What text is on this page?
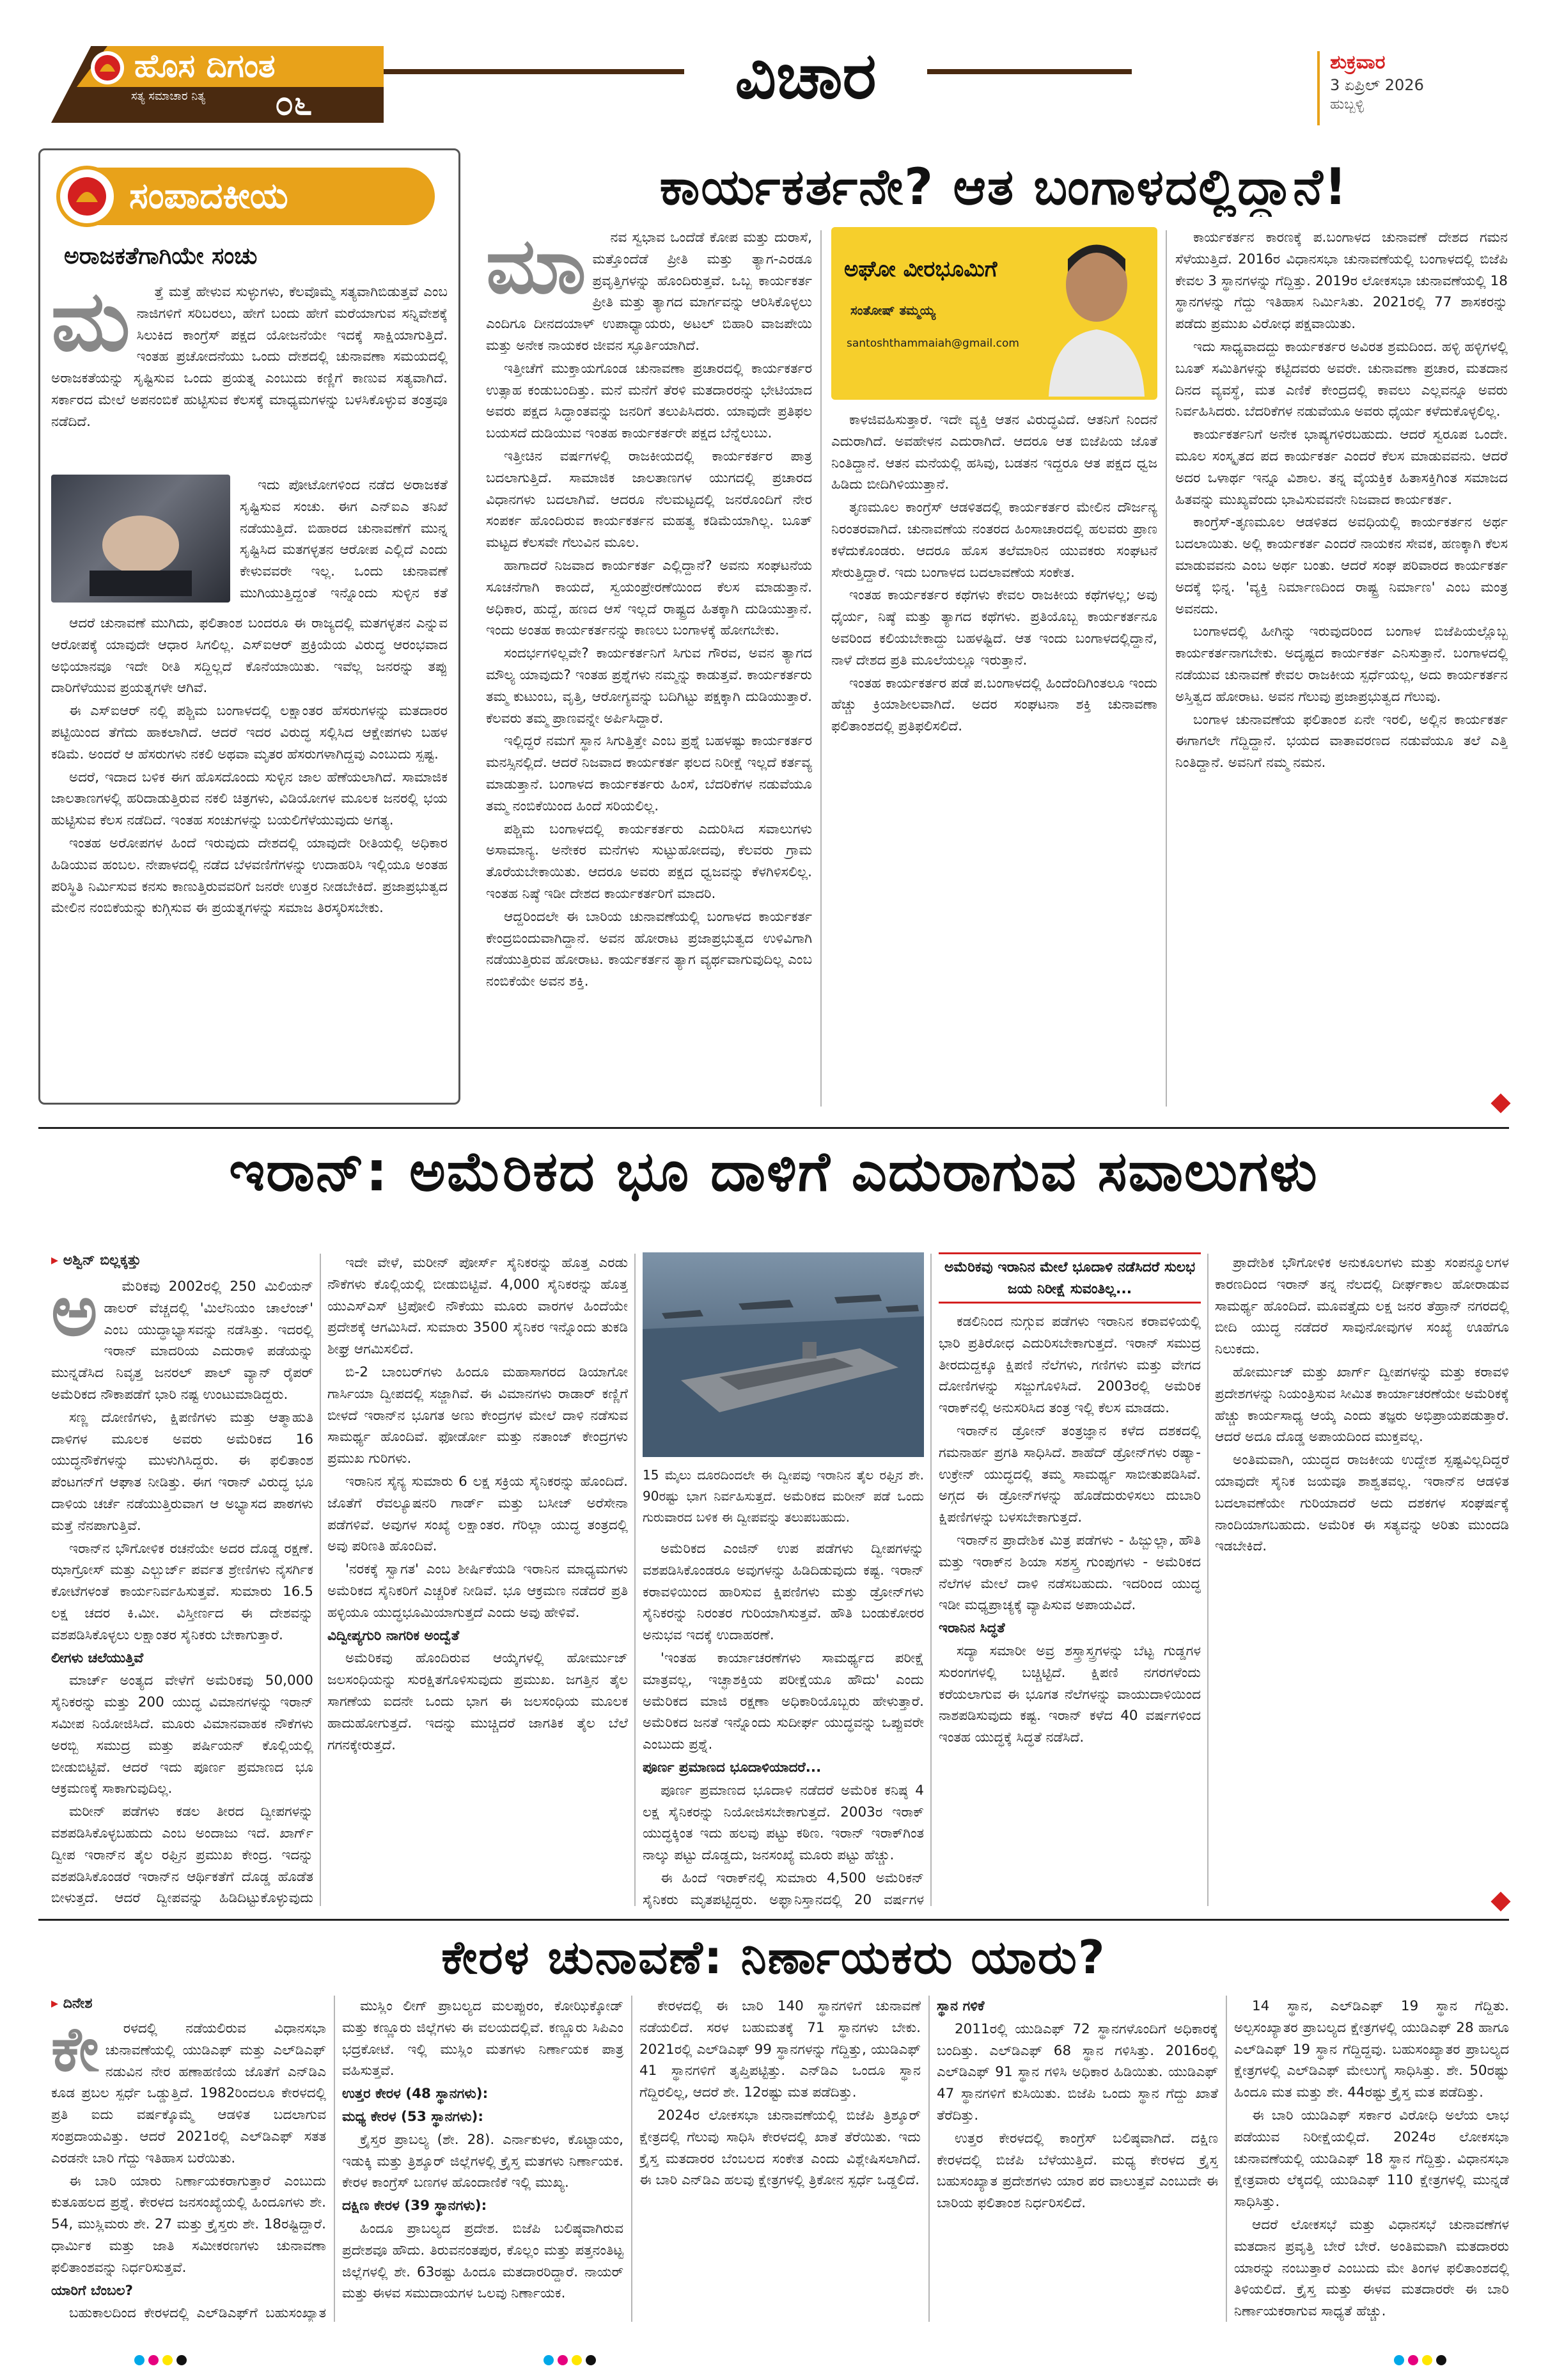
ಹೊಸ ದಿಗಂತ
ಸತ್ಯ ಸಮಾಚಾರ ನಿತ್ಯ ೦೬	ವಿಚಾರ	ಶುಕ್ರವಾರ
3 ಏಪ್ರಿಲ್ 2026
ಹುಬ್ಬಳ್ಳಿ
ಸಂಪಾದಕೀಯ
ಅರಾಜಕತೆಗಾಗಿಯೇ ಸಂಚು
ಮ	ತ್ತೆ ಮತ್ತೆ ಹೇಳುವ ಸುಳ್ಳುಗಳು, ಕೆಲವೊಮ್ಮೆ ಸತ್ಯವಾಗಿಬಿಡುತ್ತವೆ ಎಂಬ ನಾಜಿಗಳಿಗೆ ಸರಿಬರಲು, ಹೇಗೆ ಬಂದು ಹೇಗೆ ಮರೆಯಾಗುವ ಸನ್ನಿವೇಶಕ್ಕೆ ಸಿಲುಕಿದ ಕಾಂಗ್ರೆಸ್ ಪಕ್ಷದ ಯೋಜನೆಯೇ ಇದಕ್ಕೆ ಸಾಕ್ಷಿಯಾಗುತ್ತಿದೆ. ಇಂತಹ ಪ್ರಚೋದನೆಯು ಒಂದು ದೇಶದಲ್ಲಿ ಚುನಾವಣಾ ಸಮಯದಲ್ಲಿ ಅರಾಜಕತೆಯನ್ನು ಸೃಷ್ಟಿಸುವ ಒಂದು ಪ್ರಯತ್ನ ಎಂಬುದು ಕಣ್ಣಿಗೆ ಕಾಣುವ ಸತ್ಯವಾಗಿದೆ. ಸರ್ಕಾರದ ಮೇಲೆ ಅಪನಂಬಿಕೆ ಹುಟ್ಟಿಸುವ ಕೆಲಸಕ್ಕೆ ಮಾಧ್ಯಮಗಳನ್ನು ಬಳಸಿಕೊಳ್ಳುವ ತಂತ್ರವೂ ನಡೆದಿದೆ.

ಇದು ಪೋಟೋಗಳಿಂದ ನಡೆದ ಅರಾಜಕತೆ ಸೃಷ್ಟಿಸುವ ಸಂಚು. ಈಗ ಎನ್‌ಐಎ ತನಿಖೆ ನಡೆಯುತ್ತಿದೆ. ಬಿಹಾರದ ಚುನಾವಣೆಗೆ ಮುನ್ನ ಸೃಷ್ಟಿಸಿದ ಮತಗಳ್ಳತನ ಆರೋಪ ಎಲ್ಲಿದೆ ಎಂದು ಕೇಳುವವರೇ ಇಲ್ಲ. ಒಂದು ಚುನಾವಣೆ ಮುಗಿಯುತ್ತಿದ್ದಂತೆ ಇನ್ನೊಂದು ಸುಳ್ಳಿನ ಕತೆ

ಆದರೆ ಚುನಾವಣೆ ಮುಗಿದು, ಫಲಿತಾಂಶ ಬಂದರೂ ಈ ರಾಜ್ಯದಲ್ಲಿ ಮತಗಳ್ಳತನ ಎನ್ನುವ ಆರೋಪಕ್ಕೆ ಯಾವುದೇ ಆಧಾರ ಸಿಗಲಿಲ್ಲ. ಎಸ್‌ಐಆರ್ ಪ್ರಕ್ರಿಯೆಯ ವಿರುದ್ಧ ಆರಂಭವಾದ ಅಭಿಯಾನವೂ ಇದೇ ರೀತಿ ಸದ್ದಿಲ್ಲದೆ ಕೊನೆಯಾಯಿತು. ಇವೆಲ್ಲ ಜನರನ್ನು ತಪ್ಪು ದಾರಿಗೆಳೆಯುವ ಪ್ರಯತ್ನಗಳೇ ಆಗಿವೆ.

ಈ ಎಸ್‌ಐಆರ್ ನಲ್ಲಿ ಪಶ್ಚಿಮ ಬಂಗಾಳದಲ್ಲಿ ಲಕ್ಷಾಂತರ ಹೆಸರುಗಳನ್ನು ಮತದಾರರ ಪಟ್ಟಿಯಿಂದ ತೆಗೆದು ಹಾಕಲಾಗಿದೆ. ಆದರೆ ಇದರ ವಿರುದ್ಧ ಸಲ್ಲಿಸಿದ ಆಕ್ಷೇಪಗಳು ಬಹಳ ಕಡಿಮೆ. ಅಂದರೆ ಆ ಹೆಸರುಗಳು ನಕಲಿ ಅಥವಾ ಮೃತರ ಹೆಸರುಗಳಾಗಿದ್ದವು ಎಂಬುದು ಸ್ಪಷ್ಟ.

ಅದರೆ, ಇದಾದ ಬಳಿಕ ಈಗ ಹೊಸದೊಂದು ಸುಳ್ಳಿನ ಜಾಲ ಹೆಣೆಯಲಾಗಿದೆ. ಸಾಮಾಜಿಕ ಜಾಲತಾಣಗಳಲ್ಲಿ ಹರಿದಾಡುತ್ತಿರುವ ನಕಲಿ ಚಿತ್ರಗಳು, ವಿಡಿಯೋಗಳ ಮೂಲಕ ಜನರಲ್ಲಿ ಭಯ ಹುಟ್ಟಿಸುವ ಕೆಲಸ ನಡೆದಿದೆ. ಇಂತಹ ಸಂಚುಗಳನ್ನು ಬಯಲಿಗೆಳೆಯುವುದು ಅಗತ್ಯ.

ಇಂತಹ ಅರೋಪಗಳ ಹಿಂದೆ ಇರುವುದು ದೇಶದಲ್ಲಿ ಯಾವುದೇ ರೀತಿಯಲ್ಲಿ ಅಧಿಕಾರ ಹಿಡಿಯುವ ಹಂಬಲ. ನೇಪಾಳದಲ್ಲಿ ನಡೆದ ಬೆಳವಣಿಗೆಗಳನ್ನು ಉದಾಹರಿಸಿ ಇಲ್ಲಿಯೂ ಅಂತಹ ಪರಿಸ್ಥಿತಿ ನಿರ್ಮಿಸುವ ಕನಸು ಕಾಣುತ್ತಿರುವವರಿಗೆ ಜನರೇ ಉತ್ತರ ನೀಡಬೇಕಿದೆ. ಪ್ರಜಾಪ್ರಭುತ್ವದ ಮೇಲಿನ ನಂಬಿಕೆಯನ್ನು ಕುಗ್ಗಿಸುವ ಈ ಪ್ರಯತ್ನಗಳನ್ನು ಸಮಾಜ ತಿರಸ್ಕರಿಸಬೇಕು.

ಕಾರ್ಯಕರ್ತನೇ? ಆತ ಬಂಗಾಳದಲ್ಲಿದ್ದಾನೆ!
ಮಾ	ನವ ಸ್ವಭಾವ ಒಂದೆಡೆ ಕೋಪ ಮತ್ತು ದುರಾಸೆ, ಮತ್ತೊಂದೆಡೆ ಪ್ರೀತಿ ಮತ್ತು ತ್ಯಾಗ-ಎರಡೂ ಪ್ರವೃತ್ತಿಗಳನ್ನು ಹೊಂದಿರುತ್ತವೆ. ಒಬ್ಬ ಕಾರ್ಯಕರ್ತ ಪ್ರೀತಿ ಮತ್ತು ತ್ಯಾಗದ ಮಾರ್ಗವನ್ನು ಆರಿಸಿಕೊಳ್ಳಲು ಎಂದಿಗೂ ದೀನದಯಾಳ್ ಉಪಾಧ್ಯಾಯರು, ಅಟಲ್ ಬಿಹಾರಿ ವಾಜಪೇಯಿ ಮತ್ತು ಅನೇಕ ನಾಯಕರ ಜೀವನ ಸ್ಫೂರ್ತಿಯಾಗಿದೆ.

ಇತ್ತೀಚೆಗೆ ಮುಕ್ತಾಯಗೊಂಡ ಚುನಾವಣಾ ಪ್ರಚಾರದಲ್ಲಿ ಕಾರ್ಯಕರ್ತರ ಉತ್ಸಾಹ ಕಂಡುಬಂದಿತ್ತು. ಮನೆ ಮನೆಗೆ ತೆರಳಿ ಮತದಾರರನ್ನು ಭೇಟಿಯಾದ ಅವರು ಪಕ್ಷದ ಸಿದ್ಧಾಂತವನ್ನು ಜನರಿಗೆ ತಲುಪಿಸಿದರು. ಯಾವುದೇ ಪ್ರತಿಫಲ ಬಯಸದೆ ದುಡಿಯುವ ಇಂತಹ ಕಾರ್ಯಕರ್ತರೇ ಪಕ್ಷದ ಬೆನ್ನೆಲುಬು.

ಇತ್ತೀಚಿನ ವರ್ಷಗಳಲ್ಲಿ ರಾಜಕೀಯದಲ್ಲಿ ಕಾರ್ಯಕರ್ತರ ಪಾತ್ರ ಬದಲಾಗುತ್ತಿದೆ. ಸಾಮಾಜಿಕ ಜಾಲತಾಣಗಳ ಯುಗದಲ್ಲಿ ಪ್ರಚಾರದ ವಿಧಾನಗಳು ಬದಲಾಗಿವೆ. ಆದರೂ ನೆಲಮಟ್ಟದಲ್ಲಿ ಜನರೊಂದಿಗೆ ನೇರ ಸಂಪರ್ಕ ಹೊಂದಿರುವ ಕಾರ್ಯಕರ್ತನ ಮಹತ್ವ ಕಡಿಮೆಯಾಗಿಲ್ಲ. ಬೂತ್ ಮಟ್ಟದ ಕೆಲಸವೇ ಗೆಲುವಿನ ಮೂಲ.

ಹಾಗಾದರೆ ನಿಜವಾದ ಕಾರ್ಯಕರ್ತ ಎಲ್ಲಿದ್ದಾನೆ? ಅವನು ಸಂಘಟನೆಯ ಸೂಚನೆಗಾಗಿ ಕಾಯದೆ, ಸ್ವಯಂಪ್ರೇರಣೆಯಿಂದ ಕೆಲಸ ಮಾಡುತ್ತಾನೆ. ಅಧಿಕಾರ, ಹುದ್ದೆ, ಹಣದ ಆಸೆ ಇಲ್ಲದೆ ರಾಷ್ಟ್ರದ ಹಿತಕ್ಕಾಗಿ ದುಡಿಯುತ್ತಾನೆ. ಇಂದು ಅಂತಹ ಕಾರ್ಯಕರ್ತನನ್ನು ಕಾಣಲು ಬಂಗಾಳಕ್ಕೆ ಹೋಗಬೇಕು.

ಸಂದರ್ಭಗಳಿಲ್ಲವೇ? ಕಾರ್ಯಕರ್ತನಿಗೆ ಸಿಗುವ ಗೌರವ, ಅವನ ತ್ಯಾಗದ ಮೌಲ್ಯ ಯಾವುದು? ಇಂತಹ ಪ್ರಶ್ನೆಗಳು ನಮ್ಮನ್ನು ಕಾಡುತ್ತವೆ. ಕಾರ್ಯಕರ್ತರು ತಮ್ಮ ಕುಟುಂಬ, ವೃತ್ತಿ, ಆರೋಗ್ಯವನ್ನು ಬದಿಗಿಟ್ಟು ಪಕ್ಷಕ್ಕಾಗಿ ದುಡಿಯುತ್ತಾರೆ. ಕೆಲವರು ತಮ್ಮ ಪ್ರಾಣವನ್ನೇ ಅರ್ಪಿಸಿದ್ದಾರೆ.

ಇಲ್ಲಿದ್ದರೆ ನಮಗೆ ಸ್ಥಾನ ಸಿಗುತ್ತಿತ್ತೇ ಎಂಬ ಪ್ರಶ್ನೆ ಬಹಳಷ್ಟು ಕಾರ್ಯಕರ್ತರ ಮನಸ್ಸಿನಲ್ಲಿದೆ. ಆದರೆ ನಿಜವಾದ ಕಾರ್ಯಕರ್ತ ಫಲದ ನಿರೀಕ್ಷೆ ಇಲ್ಲದೆ ಕರ್ತವ್ಯ ಮಾಡುತ್ತಾನೆ. ಬಂಗಾಳದ ಕಾರ್ಯಕರ್ತರು ಹಿಂಸೆ, ಬೆದರಿಕೆಗಳ ನಡುವೆಯೂ ತಮ್ಮ ನಂಬಿಕೆಯಿಂದ ಹಿಂದೆ ಸರಿಯಲಿಲ್ಲ.

ಪಶ್ಚಿಮ ಬಂಗಾಳದಲ್ಲಿ ಕಾರ್ಯಕರ್ತರು ಎದುರಿಸಿದ ಸವಾಲುಗಳು ಅಸಾಮಾನ್ಯ. ಅನೇಕರ ಮನೆಗಳು ಸುಟ್ಟುಹೋದವು, ಕೆಲವರು ಗ್ರಾಮ ತೊರೆಯಬೇಕಾಯಿತು. ಆದರೂ ಅವರು ಪಕ್ಷದ ಧ್ವಜವನ್ನು ಕೆಳಗಿಳಿಸಲಿಲ್ಲ. ಇಂತಹ ನಿಷ್ಠೆ ಇಡೀ ದೇಶದ ಕಾರ್ಯಕರ್ತರಿಗೆ ಮಾದರಿ.

ಆದ್ದರಿಂದಲೇ ಈ ಬಾರಿಯ ಚುನಾವಣೆಯಲ್ಲಿ ಬಂಗಾಳದ ಕಾರ್ಯಕರ್ತ ಕೇಂದ್ರಬಿಂದುವಾಗಿದ್ದಾನೆ. ಅವನ ಹೋರಾಟ ಪ್ರಜಾಪ್ರಭುತ್ವದ ಉಳಿವಿಗಾಗಿ ನಡೆಯುತ್ತಿರುವ ಹೋರಾಟ. ಕಾರ್ಯಕರ್ತನ ತ್ಯಾಗ ವ್ಯರ್ಥವಾಗುವುದಿಲ್ಲ ಎಂಬ ನಂಬಿಕೆಯೇ ಅವನ ಶಕ್ತಿ.

ಅಘೋ ವೀರಭೂಮಿಗೆ
ಸಂತೋಷ್ ತಮ್ಮಯ್ಯ
santoshthammaiah@gmail.com

ಕಾಳಜಿವಹಿಸುತ್ತಾರೆ. ಇದೇ ವ್ಯಕ್ತಿ ಆತನ ವಿರುದ್ಧವಿದೆ. ಆತನಿಗೆ ನಿಂದನೆ ಎದುರಾಗಿದೆ. ಅವಹೇಳನ ಎದುರಾಗಿದೆ. ಆದರೂ ಆತ ಬಿಜೆಪಿಯ ಜೊತೆ ನಿಂತಿದ್ದಾನೆ. ಆತನ ಮನೆಯಲ್ಲಿ ಹಸಿವು, ಬಡತನ ಇದ್ದರೂ ಆತ ಪಕ್ಷದ ಧ್ವಜ ಹಿಡಿದು ಬೀದಿಗಿಳಿಯುತ್ತಾನೆ.

ತೃಣಮೂಲ ಕಾಂಗ್ರೆಸ್ ಆಡಳಿತದಲ್ಲಿ ಕಾರ್ಯಕರ್ತರ ಮೇಲಿನ ದೌರ್ಜನ್ಯ ನಿರಂತರವಾಗಿದೆ. ಚುನಾವಣೆಯ ನಂತರದ ಹಿಂಸಾಚಾರದಲ್ಲಿ ಹಲವರು ಪ್ರಾಣ ಕಳೆದುಕೊಂಡರು. ಆದರೂ ಹೊಸ ತಲೆಮಾರಿನ ಯುವಕರು ಸಂಘಟನೆ ಸೇರುತ್ತಿದ್ದಾರೆ. ಇದು ಬಂಗಾಳದ ಬದಲಾವಣೆಯ ಸಂಕೇತ.

ಇಂತಹ ಕಾರ್ಯಕರ್ತರ ಕಥೆಗಳು ಕೇವಲ ರಾಜಕೀಯ ಕಥೆಗಳಲ್ಲ; ಅವು ಧೈರ್ಯ, ನಿಷ್ಠೆ ಮತ್ತು ತ್ಯಾಗದ ಕಥೆಗಳು. ಪ್ರತಿಯೊಬ್ಬ ಕಾರ್ಯಕರ್ತನೂ ಅವರಿಂದ ಕಲಿಯಬೇಕಾದ್ದು ಬಹಳಷ್ಟಿದೆ. ಆತ ಇಂದು ಬಂಗಾಳದಲ್ಲಿದ್ದಾನೆ, ನಾಳೆ ದೇಶದ ಪ್ರತಿ ಮೂಲೆಯಲ್ಲೂ ಇರುತ್ತಾನೆ.

ಇಂತಹ ಕಾರ್ಯಕರ್ತರ ಪಡೆ ಪ.ಬಂಗಾಳದಲ್ಲಿ ಹಿಂದೆಂದಿಗಿಂತಲೂ ಇಂದು ಹೆಚ್ಚು ಕ್ರಿಯಾಶೀಲವಾಗಿದೆ. ಅದರ ಸಂಘಟನಾ ಶಕ್ತಿ ಚುನಾವಣಾ ಫಲಿತಾಂಶದಲ್ಲಿ ಪ್ರತಿಫಲಿಸಲಿದೆ.

ಕಾರ್ಯಕರ್ತನ ಕಾರಣಕ್ಕೆ ಪ.ಬಂಗಾಳದ ಚುನಾವಣೆ ದೇಶದ ಗಮನ ಸೆಳೆಯುತ್ತಿದೆ. 2016ರ ವಿಧಾನಸಭಾ ಚುನಾವಣೆಯಲ್ಲಿ ಬಂಗಾಳದಲ್ಲಿ ಬಿಜೆಪಿ ಕೇವಲ 3 ಸ್ಥಾನಗಳನ್ನು ಗೆದ್ದಿತ್ತು. 2019ರ ಲೋಕಸಭಾ ಚುನಾವಣೆಯಲ್ಲಿ 18 ಸ್ಥಾನಗಳನ್ನು ಗೆದ್ದು ಇತಿಹಾಸ ನಿರ್ಮಿಸಿತು. 2021ರಲ್ಲಿ 77 ಶಾಸಕರನ್ನು ಪಡೆದು ಪ್ರಮುಖ ವಿರೋಧ ಪಕ್ಷವಾಯಿತು.

ಇದು ಸಾಧ್ಯವಾದದ್ದು ಕಾರ್ಯಕರ್ತರ ಅವಿರತ ಶ್ರಮದಿಂದ. ಹಳ್ಳಿ ಹಳ್ಳಿಗಳಲ್ಲಿ ಬೂತ್ ಸಮಿತಿಗಳನ್ನು ಕಟ್ಟಿದವರು ಅವರೇ. ಚುನಾವಣಾ ಪ್ರಚಾರ, ಮತದಾನ ದಿನದ ವ್ಯವಸ್ಥೆ, ಮತ ಎಣಿಕೆ ಕೇಂದ್ರದಲ್ಲಿ ಕಾವಲು ಎಲ್ಲವನ್ನೂ ಅವರು ನಿರ್ವಹಿಸಿದರು. ಬೆದರಿಕೆಗಳ ನಡುವೆಯೂ ಅವರು ಧೈರ್ಯ ಕಳೆದುಕೊಳ್ಳಲಿಲ್ಲ.

ಕಾರ್ಯಕರ್ತನಿಗೆ ಅನೇಕ ಭಾಷ್ಯಗಳಿರಬಹುದು. ಆದರೆ ಸ್ವರೂಪ ಒಂದೇ. ಮೂಲ ಸಂಸ್ಕೃತದ ಪದ ಕಾರ್ಯಕರ್ತ ಎಂದರೆ ಕೆಲಸ ಮಾಡುವವನು. ಆದರೆ ಅದರ ಒಳಾರ್ಥ ಇನ್ನೂ ವಿಶಾಲ. ತನ್ನ ವೈಯಕ್ತಿಕ ಹಿತಾಸಕ್ತಿಗಿಂತ ಸಮಾಜದ ಹಿತವನ್ನು ಮುಖ್ಯವೆಂದು ಭಾವಿಸುವವನೇ ನಿಜವಾದ ಕಾರ್ಯಕರ್ತ.

ಕಾಂಗ್ರೆಸ್-ತೃಣಮೂಲ ಆಡಳಿತದ ಅವಧಿಯಲ್ಲಿ ಕಾರ್ಯಕರ್ತನ ಅರ್ಥ ಬದಲಾಯಿತು. ಅಲ್ಲಿ ಕಾರ್ಯಕರ್ತ ಎಂದರೆ ನಾಯಕನ ಸೇವಕ, ಹಣಕ್ಕಾಗಿ ಕೆಲಸ ಮಾಡುವವನು ಎಂಬ ಅರ್ಥ ಬಂತು. ಆದರೆ ಸಂಘ ಪರಿವಾರದ ಕಾರ್ಯಕರ್ತ ಅದಕ್ಕೆ ಭಿನ್ನ. 'ವ್ಯಕ್ತಿ ನಿರ್ಮಾಣದಿಂದ ರಾಷ್ಟ್ರ ನಿರ್ಮಾಣ' ಎಂಬ ಮಂತ್ರ ಅವನದು.

ಬಂಗಾಳದಲ್ಲಿ ಹೀಗಿನ್ನು ಇರುವುದರಿಂದ ಬಂಗಾಳ ಬಿಜೆಪಿಯಲ್ಲೊಬ್ಬ ಕಾರ್ಯಕರ್ತನಾಗಬೇಕು. ಅದೃಷ್ಟದ ಕಾರ್ಯಕರ್ತ ಎನಿಸುತ್ತಾನೆ. ಬಂಗಾಳದಲ್ಲಿ ನಡೆಯುವ ಚುನಾವಣೆ ಕೇವಲ ರಾಜಕೀಯ ಸ್ಪರ್ಧೆಯಲ್ಲ, ಅದು ಕಾರ್ಯಕರ್ತನ ಅಸ್ತಿತ್ವದ ಹೋರಾಟ. ಅವನ ಗೆಲುವು ಪ್ರಜಾಪ್ರಭುತ್ವದ ಗೆಲುವು.

ಬಂಗಾಳ ಚುನಾವಣೆಯ ಫಲಿತಾಂಶ ಏನೇ ಇರಲಿ, ಅಲ್ಲಿನ ಕಾರ್ಯಕರ್ತ ಈಗಾಗಲೇ ಗೆದ್ದಿದ್ದಾನೆ. ಭಯದ ವಾತಾವರಣದ ನಡುವೆಯೂ ತಲೆ ಎತ್ತಿ ನಿಂತಿದ್ದಾನೆ. ಅವನಿಗೆ ನಮ್ಮ ನಮನ.

ಇರಾನ್: ಅಮೆರಿಕದ ಭೂ ದಾಳಿಗೆ ಎದುರಾಗುವ ಸವಾಲುಗಳು
▸ ಅಶ್ವಿನ್ ಬಿಲ್ಲಕ್ಕತ್ತು
ಅ	ಮೆರಿಕವು 2002ರಲ್ಲಿ 250 ಮಿಲಿಯನ್ ಡಾಲರ್ ವೆಚ್ಚದಲ್ಲಿ 'ಮಿಲೆನಿಯಂ ಚಾಲೆಂಜ್' ಎಂಬ ಯುದ್ಧಾಭ್ಯಾಸವನ್ನು ನಡೆಸಿತ್ತು. ಇದರಲ್ಲಿ ಇರಾನ್ ಮಾದರಿಯ ಎದುರಾಳಿ ಪಡೆಯನ್ನು ಮುನ್ನಡೆಸಿದ ನಿವೃತ್ತ ಜನರಲ್ ಪಾಲ್ ವ್ಯಾನ್ ರೈಪರ್ ಅಮೆರಿಕದ ನೌಕಾಪಡೆಗೆ ಭಾರಿ ನಷ್ಟ ಉಂಟುಮಾಡಿದ್ದರು.

ಸಣ್ಣ ದೋಣಿಗಳು, ಕ್ಷಿಪಣಿಗಳು ಮತ್ತು ಆತ್ಮಾಹುತಿ ದಾಳಿಗಳ ಮೂಲಕ ಅವರು ಅಮೆರಿಕದ 16 ಯುದ್ಧನೌಕೆಗಳನ್ನು ಮುಳುಗಿಸಿದ್ದರು. ಈ ಫಲಿತಾಂಶ ಪೆಂಟಗನ್‌ಗೆ ಆಘಾತ ನೀಡಿತ್ತು. ಈಗ ಇರಾನ್ ವಿರುದ್ಧ ಭೂ ದಾಳಿಯ ಚರ್ಚೆ ನಡೆಯುತ್ತಿರುವಾಗ ಆ ಅಭ್ಯಾಸದ ಪಾಠಗಳು ಮತ್ತೆ ನೆನಪಾಗುತ್ತಿವೆ.

ಇರಾನ್‌ನ ಭೌಗೋಳಿಕ ರಚನೆಯೇ ಅದರ ದೊಡ್ಡ ರಕ್ಷಣೆ. ಝಾಗ್ರೋಸ್ ಮತ್ತು ಎಲ್ಬುರ್ಜ್ ಪರ್ವತ ಶ್ರೇಣಿಗಳು ನೈಸರ್ಗಿಕ ಕೋಟೆಗಳಂತೆ ಕಾರ್ಯನಿರ್ವಹಿಸುತ್ತವೆ. ಸುಮಾರು 16.5 ಲಕ್ಷ ಚದರ ಕಿ.ಮೀ. ವಿಸ್ತೀರ್ಣದ ಈ ದೇಶವನ್ನು ವಶಪಡಿಸಿಕೊಳ್ಳಲು ಲಕ್ಷಾಂತರ ಸೈನಿಕರು ಬೇಕಾಗುತ್ತಾರೆ.

ಲೀಗಳು ಚಲೆಯುತ್ತಿವೆ

ಮಾರ್ಚ್ ಅಂತ್ಯದ ವೇಳೆಗೆ ಅಮೆರಿಕವು 50,000 ಸೈನಿಕರನ್ನು ಮತ್ತು 200 ಯುದ್ಧ ವಿಮಾನಗಳನ್ನು ಇರಾನ್ ಸಮೀಪ ನಿಯೋಜಿಸಿದೆ. ಮೂರು ವಿಮಾನವಾಹಕ ನೌಕೆಗಳು ಅರಬ್ಬಿ ಸಮುದ್ರ ಮತ್ತು ಪರ್ಷಿಯನ್ ಕೊಲ್ಲಿಯಲ್ಲಿ ಬೀಡುಬಿಟ್ಟಿವೆ. ಆದರೆ ಇದು ಪೂರ್ಣ ಪ್ರಮಾಣದ ಭೂ ಆಕ್ರಮಣಕ್ಕೆ ಸಾಕಾಗುವುದಿಲ್ಲ.

ಮರೀನ್ ಪಡೆಗಳು ಕಡಲ ತೀರದ ದ್ವೀಪಗಳನ್ನು ವಶಪಡಿಸಿಕೊಳ್ಳಬಹುದು ಎಂಬ ಅಂದಾಜು ಇದೆ. ಖಾರ್ಗ್ ದ್ವೀಪ ಇರಾನ್‌ನ ತೈಲ ರಫ್ತಿನ ಪ್ರಮುಖ ಕೇಂದ್ರ. ಇದನ್ನು ವಶಪಡಿಸಿಕೊಂಡರೆ ಇರಾನ್‌ನ ಆರ್ಥಿಕತೆಗೆ ದೊಡ್ಡ ಹೊಡೆತ ಬೀಳುತ್ತದೆ. ಆದರೆ ದ್ವೀಪವನ್ನು ಹಿಡಿದಿಟ್ಟುಕೊಳ್ಳುವುದು

ಇದೇ ವೇಳೆ, ಮರೀನ್ ಪೋರ್ಸ್ ಸೈನಿಕರನ್ನು ಹೊತ್ತ ಎರಡು ನೌಕೆಗಳು ಕೊಲ್ಲಿಯಲ್ಲಿ ಬೀಡುಬಿಟ್ಟಿವೆ. 4,000 ಸೈನಿಕರನ್ನು ಹೊತ್ತ ಯುಎಸ್ಎಸ್ ಟ್ರಿಪೋಲಿ ನೌಕೆಯು ಮೂರು ವಾರಗಳ ಹಿಂದೆಯೇ ಪ್ರದೇಶಕ್ಕೆ ಆಗಮಿಸಿದೆ. ಸುಮಾರು 3500 ಸೈನಿಕರ ಇನ್ನೊಂದು ತುಕಡಿ ಶೀಘ್ರ ಆಗಮಿಸಲಿದೆ.

ಬಿ-2 ಬಾಂಬರ್‌ಗಳು ಹಿಂದೂ ಮಹಾಸಾಗರದ ಡಿಯಾಗೋ ಗಾರ್ಸಿಯಾ ದ್ವೀಪದಲ್ಲಿ ಸಜ್ಜಾಗಿವೆ. ಈ ವಿಮಾನಗಳು ರಾಡಾರ್ ಕಣ್ಣಿಗೆ ಬೀಳದೆ ಇರಾನ್‌ನ ಭೂಗತ ಅಣು ಕೇಂದ್ರಗಳ ಮೇಲೆ ದಾಳಿ ನಡೆಸುವ ಸಾಮರ್ಥ್ಯ ಹೊಂದಿವೆ. ಫೋರ್ಡೋ ಮತ್ತು ನತಾಂಜ್ ಕೇಂದ್ರಗಳು ಪ್ರಮುಖ ಗುರಿಗಳು.

ಇರಾನಿನ ಸೈನ್ಯ ಸುಮಾರು 6 ಲಕ್ಷ ಸಕ್ರಿಯ ಸೈನಿಕರನ್ನು ಹೊಂದಿದೆ. ಜೊತೆಗೆ ರೆವಲ್ಯೂಷನರಿ ಗಾರ್ಡ್ ಮತ್ತು ಬಸೀಜ್ ಅರೆಸೇನಾ ಪಡೆಗಳಿವೆ. ಅವುಗಳ ಸಂಖ್ಯೆ ಲಕ್ಷಾಂತರ. ಗೆರಿಲ್ಲಾ ಯುದ್ಧ ತಂತ್ರದಲ್ಲಿ ಅವು ಪರಿಣತಿ ಹೊಂದಿವೆ.

'ನರಕಕ್ಕೆ ಸ್ವಾಗತ' ಎಂಬ ಶೀರ್ಷಿಕೆಯಡಿ ಇರಾನಿನ ಮಾಧ್ಯಮಗಳು ಅಮೆರಿಕದ ಸೈನಿಕರಿಗೆ ಎಚ್ಚರಿಕೆ ನೀಡಿವೆ. ಭೂ ಆಕ್ರಮಣ ನಡೆದರೆ ಪ್ರತಿ ಹಳ್ಳಿಯೂ ಯುದ್ಧಭೂಮಿಯಾಗುತ್ತದೆ ಎಂದು ಅವು ಹೇಳಿವೆ.

ವಿದ್ವೀಪ್ಯಗುರಿ ನಾಗರಿಕ ಅಂದ್ವೆತೆ

ಅಮೆರಿಕವು ಹೊಂದಿರುವ ಆಯ್ಕೆಗಳಲ್ಲಿ ಹೋರ್ಮುಜ್ ಜಲಸಂಧಿಯನ್ನು ಸುರಕ್ಷಿತಗೊಳಿಸುವುದು ಪ್ರಮುಖ. ಜಗತ್ತಿನ ತೈಲ ಸಾಗಣೆಯ ಐದನೇ ಒಂದು ಭಾಗ ಈ ಜಲಸಂಧಿಯ ಮೂಲಕ ಹಾದುಹೋಗುತ್ತದೆ. ಇದನ್ನು ಮುಚ್ಚಿದರೆ ಜಾಗತಿಕ ತೈಲ ಬೆಲೆ ಗಗನಕ್ಕೇರುತ್ತದೆ.

15 ಮೈಲು ದೂರದಿಂದಲೇ ಈ ದ್ವೀಪವು ಇರಾನಿನ ತೈಲ ರಫ್ತಿನ ಶೇ. 90ರಷ್ಟು ಭಾಗ ನಿರ್ವಹಿಸುತ್ತದೆ. ಅಮೆರಿಕದ ಮರೀನ್ ಪಡೆ ಒಂದು ಗುರುವಾರದ ಬಳಿಕ ಈ ದ್ವೀಪವನ್ನು ತಲುಪಬಹುದು.

ಅಮೆರಿಕದ ಎಂಜಿನ್ ಉಪ ಪಡೆಗಳು ದ್ವೀಪಗಳನ್ನು ವಶಪಡಿಸಿಕೊಂಡರೂ ಅವುಗಳನ್ನು ಹಿಡಿದಿಡುವುದು ಕಷ್ಟ. ಇರಾನ್ ಕರಾವಳಿಯಿಂದ ಹಾರಿಸುವ ಕ್ಷಿಪಣಿಗಳು ಮತ್ತು ಡ್ರೋನ್‌ಗಳು ಸೈನಿಕರನ್ನು ನಿರಂತರ ಗುರಿಯಾಗಿಸುತ್ತವೆ. ಹೌತಿ ಬಂಡುಕೋರರ ಅನುಭವ ಇದಕ್ಕೆ ಉದಾಹರಣೆ.

'ಇಂತಹ ಕಾರ್ಯಾಚರಣೆಗಳು ಸಾಮರ್ಥ್ಯದ ಪರೀಕ್ಷೆ ಮಾತ್ರವಲ್ಲ, ಇಚ್ಛಾಶಕ್ತಿಯ ಪರೀಕ್ಷೆಯೂ ಹೌದು' ಎಂದು ಅಮೆರಿಕದ ಮಾಜಿ ರಕ್ಷಣಾ ಅಧಿಕಾರಿಯೊಬ್ಬರು ಹೇಳುತ್ತಾರೆ. ಅಮೆರಿಕದ ಜನತೆ ಇನ್ನೊಂದು ಸುದೀರ್ಘ ಯುದ್ಧವನ್ನು ಒಪ್ಪುವರೇ ಎಂಬುದು ಪ್ರಶ್ನೆ.

ಪೂರ್ಣ ಪ್ರಮಾಣದ ಭೂದಾಳಿಯಾದರೆ...

ಪೂರ್ಣ ಪ್ರಮಾಣದ ಭೂದಾಳಿ ನಡೆದರೆ ಅಮೆರಿಕ ಕನಿಷ್ಠ 4 ಲಕ್ಷ ಸೈನಿಕರನ್ನು ನಿಯೋಜಿಸಬೇಕಾಗುತ್ತದೆ. 2003ರ ಇರಾಕ್ ಯುದ್ಧಕ್ಕಿಂತ ಇದು ಹಲವು ಪಟ್ಟು ಕಠಿಣ. ಇರಾನ್ ಇರಾಕ್‌ಗಿಂತ ನಾಲ್ಕು ಪಟ್ಟು ದೊಡ್ಡದು, ಜನಸಂಖ್ಯೆ ಮೂರು ಪಟ್ಟು ಹೆಚ್ಚು.

ಈ ಹಿಂದೆ ಇರಾಕ್‌ನಲ್ಲಿ ಸುಮಾರು 4,500 ಅಮೆರಿಕನ್ ಸೈನಿಕರು ಮೃತಪಟ್ಟಿದ್ದರು. ಅಫ್ಘಾನಿಸ್ತಾನದಲ್ಲಿ 20 ವರ್ಷಗಳ

ಅಮೆರಿಕವು ಇರಾನಿನ ಮೇಲೆ ಭೂದಾಳಿ ನಡೆಸಿದರೆ ಸುಲಭ ಜಯ ನಿರೀಕ್ಷೆ ಸುವಂತಿಲ್ಲ...

ಕಡಲಿನಿಂದ ನುಗ್ಗುವ ಪಡೆಗಳು ಇರಾನಿನ ಕರಾವಳಿಯಲ್ಲಿ ಭಾರಿ ಪ್ರತಿರೋಧ ಎದುರಿಸಬೇಕಾಗುತ್ತದೆ. ಇರಾನ್ ಸಮುದ್ರ ತೀರದುದ್ದಕ್ಕೂ ಕ್ಷಿಪಣಿ ನೆಲೆಗಳು, ಗಣಿಗಳು ಮತ್ತು ವೇಗದ ದೋಣಿಗಳನ್ನು ಸಜ್ಜುಗೊಳಿಸಿದೆ. 2003ರಲ್ಲಿ ಅಮೆರಿಕ ಇರಾಕ್‌ನಲ್ಲಿ ಅನುಸರಿಸಿದ ತಂತ್ರ ಇಲ್ಲಿ ಕೆಲಸ ಮಾಡದು.

ಇರಾನ್‌ನ ಡ್ರೋನ್ ತಂತ್ರಜ್ಞಾನ ಕಳೆದ ದಶಕದಲ್ಲಿ ಗಮನಾರ್ಹ ಪ್ರಗತಿ ಸಾಧಿಸಿದೆ. ಶಾಹೆದ್ ಡ್ರೋನ್‌ಗಳು ರಷ್ಯಾ-ಉಕ್ರೇನ್ ಯುದ್ಧದಲ್ಲಿ ತಮ್ಮ ಸಾಮರ್ಥ್ಯ ಸಾಬೀತುಪಡಿಸಿವೆ. ಅಗ್ಗದ ಈ ಡ್ರೋನ್‌ಗಳನ್ನು ಹೊಡೆದುರುಳಿಸಲು ದುಬಾರಿ ಕ್ಷಿಪಣಿಗಳನ್ನು ಬಳಸಬೇಕಾಗುತ್ತದೆ.

ಇರಾನ್‌ನ ಪ್ರಾದೇಶಿಕ ಮಿತ್ರ ಪಡೆಗಳು - ಹಿಜ್ಬುಲ್ಲಾ, ಹೌತಿ ಮತ್ತು ಇರಾಕ್‌ನ ಶಿಯಾ ಸಶಸ್ತ್ರ ಗುಂಪುಗಳು - ಅಮೆರಿಕದ ನೆಲೆಗಳ ಮೇಲೆ ದಾಳಿ ನಡೆಸಬಹುದು. ಇದರಿಂದ ಯುದ್ಧ ಇಡೀ ಮಧ್ಯಪ್ರಾಚ್ಯಕ್ಕೆ ವ್ಯಾಪಿಸುವ ಅಪಾಯವಿದೆ.

ಇರಾನಿನ ಸಿದ್ಧತೆ

ಸದ್ಯಾ ಸಮಾರೀ ಅವ್ರ ಶಸ್ತ್ರಾಸ್ತ್ರಗಳನ್ನು ಬೆಟ್ಟ ಗುಡ್ಡಗಳ ಸುರಂಗಗಳಲ್ಲಿ ಬಚ್ಚಿಟ್ಟಿದೆ. ಕ್ಷಿಪಣಿ ನಗರಗಳೆಂದು ಕರೆಯಲಾಗುವ ಈ ಭೂಗತ ನೆಲೆಗಳನ್ನು ವಾಯುದಾಳಿಯಿಂದ ನಾಶಪಡಿಸುವುದು ಕಷ್ಟ. ಇರಾನ್ ಕಳೆದ 40 ವರ್ಷಗಳಿಂದ ಇಂತಹ ಯುದ್ಧಕ್ಕೆ ಸಿದ್ಧತೆ ನಡೆಸಿದೆ.

ಪ್ರಾದೇಶಿಕ ಭೌಗೋಳಿಕ ಅನುಕೂಲಗಳು ಮತ್ತು ಸಂಪನ್ಮೂಲಗಳ ಕಾರಣದಿಂದ ಇರಾನ್ ತನ್ನ ನೆಲದಲ್ಲಿ ದೀರ್ಘಕಾಲ ಹೋರಾಡುವ ಸಾಮರ್ಥ್ಯ ಹೊಂದಿದೆ. ಮೂವತ್ತೈದು ಲಕ್ಷ ಜನರ ತೆಹ್ರಾನ್ ನಗರದಲ್ಲಿ ಬೀದಿ ಯುದ್ಧ ನಡೆದರೆ ಸಾವುನೋವುಗಳ ಸಂಖ್ಯೆ ಊಹೆಗೂ ನಿಲುಕದು.

ಹೋರ್ಮುಜ್ ಮತ್ತು ಖಾರ್ಗ್ ದ್ವೀಪಗಳನ್ನು ಮತ್ತು ಕರಾವಳಿ ಪ್ರದೇಶಗಳನ್ನು ನಿಯಂತ್ರಿಸುವ ಸೀಮಿತ ಕಾರ್ಯಾಚರಣೆಯೇ ಅಮೆರಿಕಕ್ಕೆ ಹೆಚ್ಚು ಕಾರ್ಯಸಾಧ್ಯ ಆಯ್ಕೆ ಎಂದು ತಜ್ಞರು ಅಭಿಪ್ರಾಯಪಡುತ್ತಾರೆ. ಆದರೆ ಅದೂ ದೊಡ್ಡ ಅಪಾಯದಿಂದ ಮುಕ್ತವಲ್ಲ.

ಅಂತಿಮವಾಗಿ, ಯುದ್ಧದ ರಾಜಕೀಯ ಉದ್ದೇಶ ಸ್ಪಷ್ಟವಿಲ್ಲದಿದ್ದರೆ ಯಾವುದೇ ಸೈನಿಕ ಜಯವೂ ಶಾಶ್ವತವಲ್ಲ. ಇರಾನ್‌ನ ಆಡಳಿತ ಬದಲಾವಣೆಯೇ ಗುರಿಯಾದರೆ ಅದು ದಶಕಗಳ ಸಂಘರ್ಷಕ್ಕೆ ನಾಂದಿಯಾಗಬಹುದು. ಅಮೆರಿಕ ಈ ಸತ್ಯವನ್ನು ಅರಿತು ಮುಂದಡಿ ಇಡಬೇಕಿದೆ.

ಕೇರಳ ಚುನಾವಣೆ: ನಿರ್ಣಾಯಕರು ಯಾರು?
▸ ದಿನೇಶ
ಕೇ	ರಳದಲ್ಲಿ ನಡೆಯಲಿರುವ ವಿಧಾನಸಭಾ ಚುನಾವಣೆಯಲ್ಲಿ ಯುಡಿಎಫ್ ಮತ್ತು ಎಲ್‌ಡಿಎಫ್ ನಡುವಿನ ನೇರ ಹಣಾಹಣಿಯ ಜೊತೆಗೆ ಎನ್‌ಡಿಎ ಕೂಡ ಪ್ರಬಲ ಸ್ಪರ್ಧೆ ಒಡ್ಡುತ್ತಿದೆ. 1982ರಿಂದಲೂ ಕೇರಳದಲ್ಲಿ ಪ್ರತಿ ಐದು ವರ್ಷಕ್ಕೊಮ್ಮೆ ಆಡಳಿತ ಬದಲಾಗುವ ಸಂಪ್ರದಾಯವಿತ್ತು. ಆದರೆ 2021ರಲ್ಲಿ ಎಲ್‌ಡಿಎಫ್ ಸತತ ಎರಡನೇ ಬಾರಿ ಗೆದ್ದು ಇತಿಹಾಸ ಬರೆಯಿತು.

ಈ ಬಾರಿ ಯಾರು ನಿರ್ಣಾಯಕರಾಗುತ್ತಾರೆ ಎಂಬುದು ಕುತೂಹಲದ ಪ್ರಶ್ನೆ. ಕೇರಳದ ಜನಸಂಖ್ಯೆಯಲ್ಲಿ ಹಿಂದೂಗಳು ಶೇ. 54, ಮುಸ್ಲಿಮರು ಶೇ. 27 ಮತ್ತು ಕ್ರೈಸ್ತರು ಶೇ. 18ರಷ್ಟಿದ್ದಾರೆ. ಧಾರ್ಮಿಕ ಮತ್ತು ಜಾತಿ ಸಮೀಕರಣಗಳು ಚುನಾವಣಾ ಫಲಿತಾಂಶವನ್ನು ನಿರ್ಧರಿಸುತ್ತವೆ.

ಯಾರಿಗೆ ಬೆಂಬಲ?

ಬಹುಕಾಲದಿಂದ ಕೇರಳದಲ್ಲಿ ಎಲ್‌ಡಿಎಫ್‌ಗೆ ಬಹುಸಂಖ್ಯಾತ

ಮುಸ್ಲಿಂ ಲೀಗ್ ಪ್ರಾಬಲ್ಯದ ಮಲಪ್ಪುರಂ, ಕೋಝಿಕ್ಕೋಡ್ ಮತ್ತು ಕಣ್ಣೂರು ಜಿಲ್ಲೆಗಳು ಈ ವಲಯದಲ್ಲಿವೆ. ಕಣ್ಣೂರು ಸಿಪಿಎಂ ಭದ್ರಕೋಟೆ. ಇಲ್ಲಿ ಮುಸ್ಲಿಂ ಮತಗಳು ನಿರ್ಣಾಯಕ ಪಾತ್ರ ವಹಿಸುತ್ತವೆ.

ಉತ್ತರ ಕೇರಳ (48 ಸ್ಥಾನಗಳು):

ಮಧ್ಯ ಕೇರಳ (53 ಸ್ಥಾನಗಳು):

ಕ್ರೈಸ್ತರ ಪ್ರಾಬಲ್ಯ (ಶೇ. 28). ಎರ್ನಾಕುಳಂ, ಕೊಟ್ಟಾಯಂ, ಇಡುಕ್ಕಿ ಮತ್ತು ತ್ರಿಶ್ಶೂರ್ ಜಿಲ್ಲೆಗಳಲ್ಲಿ ಕ್ರೈಸ್ತ ಮತಗಳು ನಿರ್ಣಾಯಕ. ಕೇರಳ ಕಾಂಗ್ರೆಸ್ ಬಣಗಳ ಹೊಂದಾಣಿಕೆ ಇಲ್ಲಿ ಮುಖ್ಯ.

ದಕ್ಷಿಣ ಕೇರಳ (39 ಸ್ಥಾನಗಳು):

ಹಿಂದೂ ಪ್ರಾಬಲ್ಯದ ಪ್ರದೇಶ. ಬಿಜೆಪಿ ಬಲಿಷ್ಠವಾಗಿರುವ ಪ್ರದೇಶವೂ ಹೌದು. ತಿರುವನಂತಪುರ, ಕೊಲ್ಲಂ ಮತ್ತು ಪತ್ತನಂತಿಟ್ಟ ಜಿಲ್ಲೆಗಳಲ್ಲಿ ಶೇ. 63ರಷ್ಟು ಹಿಂದೂ ಮತದಾರರಿದ್ದಾರೆ. ನಾಯರ್ ಮತ್ತು ಈಳವ ಸಮುದಾಯಗಳ ಒಲವು ನಿರ್ಣಾಯಕ.

ಕೇರಳದಲ್ಲಿ ಈ ಬಾರಿ 140 ಸ್ಥಾನಗಳಿಗೆ ಚುನಾವಣೆ ನಡೆಯಲಿದೆ. ಸರಳ ಬಹುಮತಕ್ಕೆ 71 ಸ್ಥಾನಗಳು ಬೇಕು. 2021ರಲ್ಲಿ ಎಲ್‌ಡಿಎಫ್ 99 ಸ್ಥಾನಗಳನ್ನು ಗೆದ್ದಿತ್ತು, ಯುಡಿಎಫ್ 41 ಸ್ಥಾನಗಳಿಗೆ ತೃಪ್ತಿಪಟ್ಟಿತ್ತು. ಎನ್‌ಡಿಎ ಒಂದೂ ಸ್ಥಾನ ಗೆದ್ದಿರಲಿಲ್ಲ, ಆದರೆ ಶೇ. 12ರಷ್ಟು ಮತ ಪಡೆದಿತ್ತು.

2024ರ ಲೋಕಸಭಾ ಚುನಾವಣೆಯಲ್ಲಿ ಬಿಜೆಪಿ ತ್ರಿಶ್ಶೂರ್ ಕ್ಷೇತ್ರದಲ್ಲಿ ಗೆಲುವು ಸಾಧಿಸಿ ಕೇರಳದಲ್ಲಿ ಖಾತೆ ತೆರೆಯಿತು. ಇದು ಕ್ರೈಸ್ತ ಮತದಾರರ ಬೆಂಬಲದ ಸಂಕೇತ ಎಂದು ವಿಶ್ಲೇಷಿಸಲಾಗಿದೆ. ಈ ಬಾರಿ ಎನ್‌ಡಿಎ ಹಲವು ಕ್ಷೇತ್ರಗಳಲ್ಲಿ ತ್ರಿಕೋನ ಸ್ಪರ್ಧೆ ಒಡ್ಡಲಿದೆ.

ಸ್ಥಾನ ಗಳಿಕೆ

2011ರಲ್ಲಿ ಯುಡಿಎಫ್ 72 ಸ್ಥಾನಗಳೊಂದಿಗೆ ಅಧಿಕಾರಕ್ಕೆ ಬಂದಿತ್ತು. ಎಲ್‌ಡಿಎಫ್ 68 ಸ್ಥಾನ ಗಳಿಸಿತ್ತು. 2016ರಲ್ಲಿ ಎಲ್‌ಡಿಎಫ್ 91 ಸ್ಥಾನ ಗಳಿಸಿ ಅಧಿಕಾರ ಹಿಡಿಯಿತು. ಯುಡಿಎಫ್ 47 ಸ್ಥಾನಗಳಿಗೆ ಕುಸಿಯಿತು. ಬಿಜೆಪಿ ಒಂದು ಸ್ಥಾನ ಗೆದ್ದು ಖಾತೆ ತೆರೆದಿತ್ತು.

ಉತ್ತರ ಕೇರಳದಲ್ಲಿ ಕಾಂಗ್ರೆಸ್ ಬಲಿಷ್ಠವಾಗಿದೆ. ದಕ್ಷಿಣ ಕೇರಳದಲ್ಲಿ ಬಿಜೆಪಿ ಬೆಳೆಯುತ್ತಿದೆ. ಮಧ್ಯ ಕೇರಳದ ಕ್ರೈಸ್ತ ಬಹುಸಂಖ್ಯಾತ ಪ್ರದೇಶಗಳು ಯಾರ ಪರ ವಾಲುತ್ತವೆ ಎಂಬುದೇ ಈ ಬಾರಿಯ ಫಲಿತಾಂಶ ನಿರ್ಧರಿಸಲಿದೆ.

14 ಸ್ಥಾನ, ಎಲ್‌ಡಿಎಫ್ 19 ಸ್ಥಾನ ಗೆದ್ದಿತು. ಅಲ್ಪಸಂಖ್ಯಾತರ ಪ್ರಾಬಲ್ಯದ ಕ್ಷೇತ್ರಗಳಲ್ಲಿ ಯುಡಿಎಫ್ 28 ಹಾಗೂ ಎಲ್‌ಡಿಎಫ್ 19 ಸ್ಥಾನ ಗೆದ್ದಿದ್ದವು. ಬಹುಸಂಖ್ಯಾತರ ಪ್ರಾಬಲ್ಯದ ಕ್ಷೇತ್ರಗಳಲ್ಲಿ ಎಲ್‌ಡಿಎಫ್ ಮೇಲುಗೈ ಸಾಧಿಸಿತ್ತು. ಶೇ. 50ರಷ್ಟು ಹಿಂದೂ ಮತ ಮತ್ತು ಶೇ. 44ರಷ್ಟು ಕ್ರೈಸ್ತ ಮತ ಪಡೆದಿತ್ತು.

ಈ ಬಾರಿ ಯುಡಿಎಫ್ ಸರ್ಕಾರ ವಿರೋಧಿ ಅಲೆಯ ಲಾಭ ಪಡೆಯುವ ನಿರೀಕ್ಷೆಯಲ್ಲಿದೆ. 2024ರ ಲೋಕಸಭಾ ಚುನಾವಣೆಯಲ್ಲಿ ಯುಡಿಎಫ್ 18 ಸ್ಥಾನ ಗೆದ್ದಿತ್ತು. ವಿಧಾನಸಭಾ ಕ್ಷೇತ್ರವಾರು ಲೆಕ್ಕದಲ್ಲಿ ಯುಡಿಎಫ್ 110 ಕ್ಷೇತ್ರಗಳಲ್ಲಿ ಮುನ್ನಡೆ ಸಾಧಿಸಿತ್ತು.

ಆದರೆ ಲೋಕಸಭೆ ಮತ್ತು ವಿಧಾನಸಭೆ ಚುನಾವಣೆಗಳ ಮತದಾನ ಪ್ರವೃತ್ತಿ ಬೇರೆ ಬೇರೆ. ಅಂತಿಮವಾಗಿ ಮತದಾರರು ಯಾರನ್ನು ನಂಬುತ್ತಾರೆ ಎಂಬುದು ಮೇ ತಿಂಗಳ ಫಲಿತಾಂಶದಲ್ಲಿ ತಿಳಿಯಲಿದೆ. ಕ್ರೈಸ್ತ ಮತ್ತು ಈಳವ ಮತದಾರರೇ ಈ ಬಾರಿ ನಿರ್ಣಾಯಕರಾಗುವ ಸಾಧ್ಯತೆ ಹೆಚ್ಚು.
